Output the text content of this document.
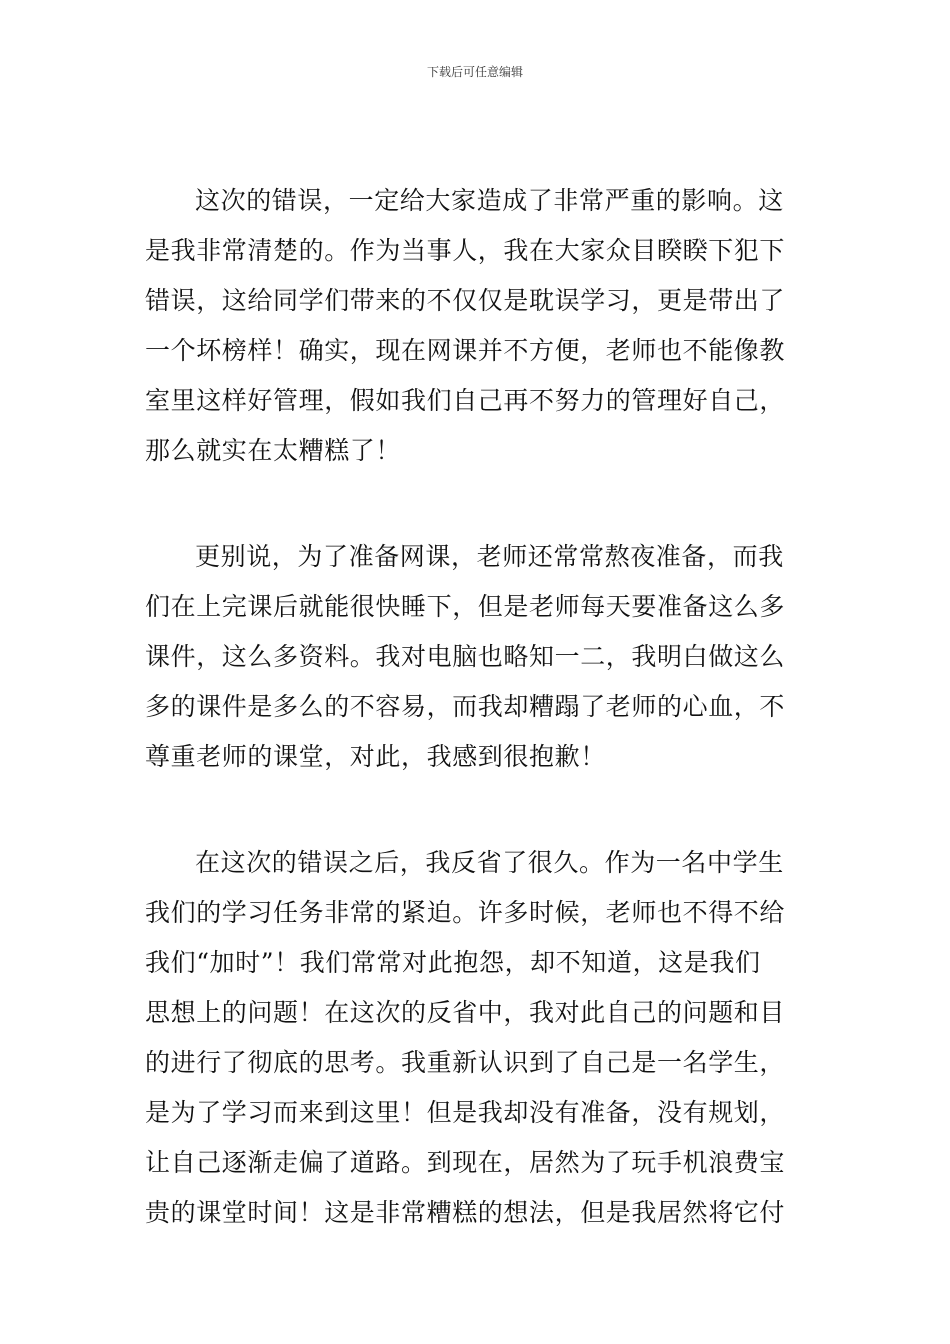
下载后可任意编辑
这次的错误，一定给大家造成了非常严重的影响。这
是我非常清楚的。作为当事人，我在大家众目睽睽下犯下
错误，这给同学们带来的不仅仅是耽误学习，更是带出了
一个坏榜样！确实，现在网课并不方便，老师也不能像教
室里这样好管理，假如我们自己再不努力的管理好自己，
那么就实在太糟糕了！
更别说，为了准备网课，老师还常常熬夜准备，而我
们在上完课后就能很快睡下，但是老师每天要准备这么多
课件，这么多资料。我对电脑也略知一二，我明白做这么
多的课件是多么的不容易，而我却糟蹋了老师的心血，不
尊重老师的课堂，对此，我感到很抱歉！
在这次的错误之后，我反省了很久。作为一名中学生
我们的学习任务非常的紧迫。许多时候，老师也不得不给
我们“加时”！我们常常对此抱怨，却不知道，这是我们
思想上的问题！在这次的反省中，我对此自己的问题和目
的进行了彻底的思考。我重新认识到了自己是一名学生，
是为了学习而来到这里！但是我却没有准备，没有规划，
让自己逐渐走偏了道路。到现在，居然为了玩手机浪费宝
贵的课堂时间！这是非常糟糕的想法，但是我居然将它付
